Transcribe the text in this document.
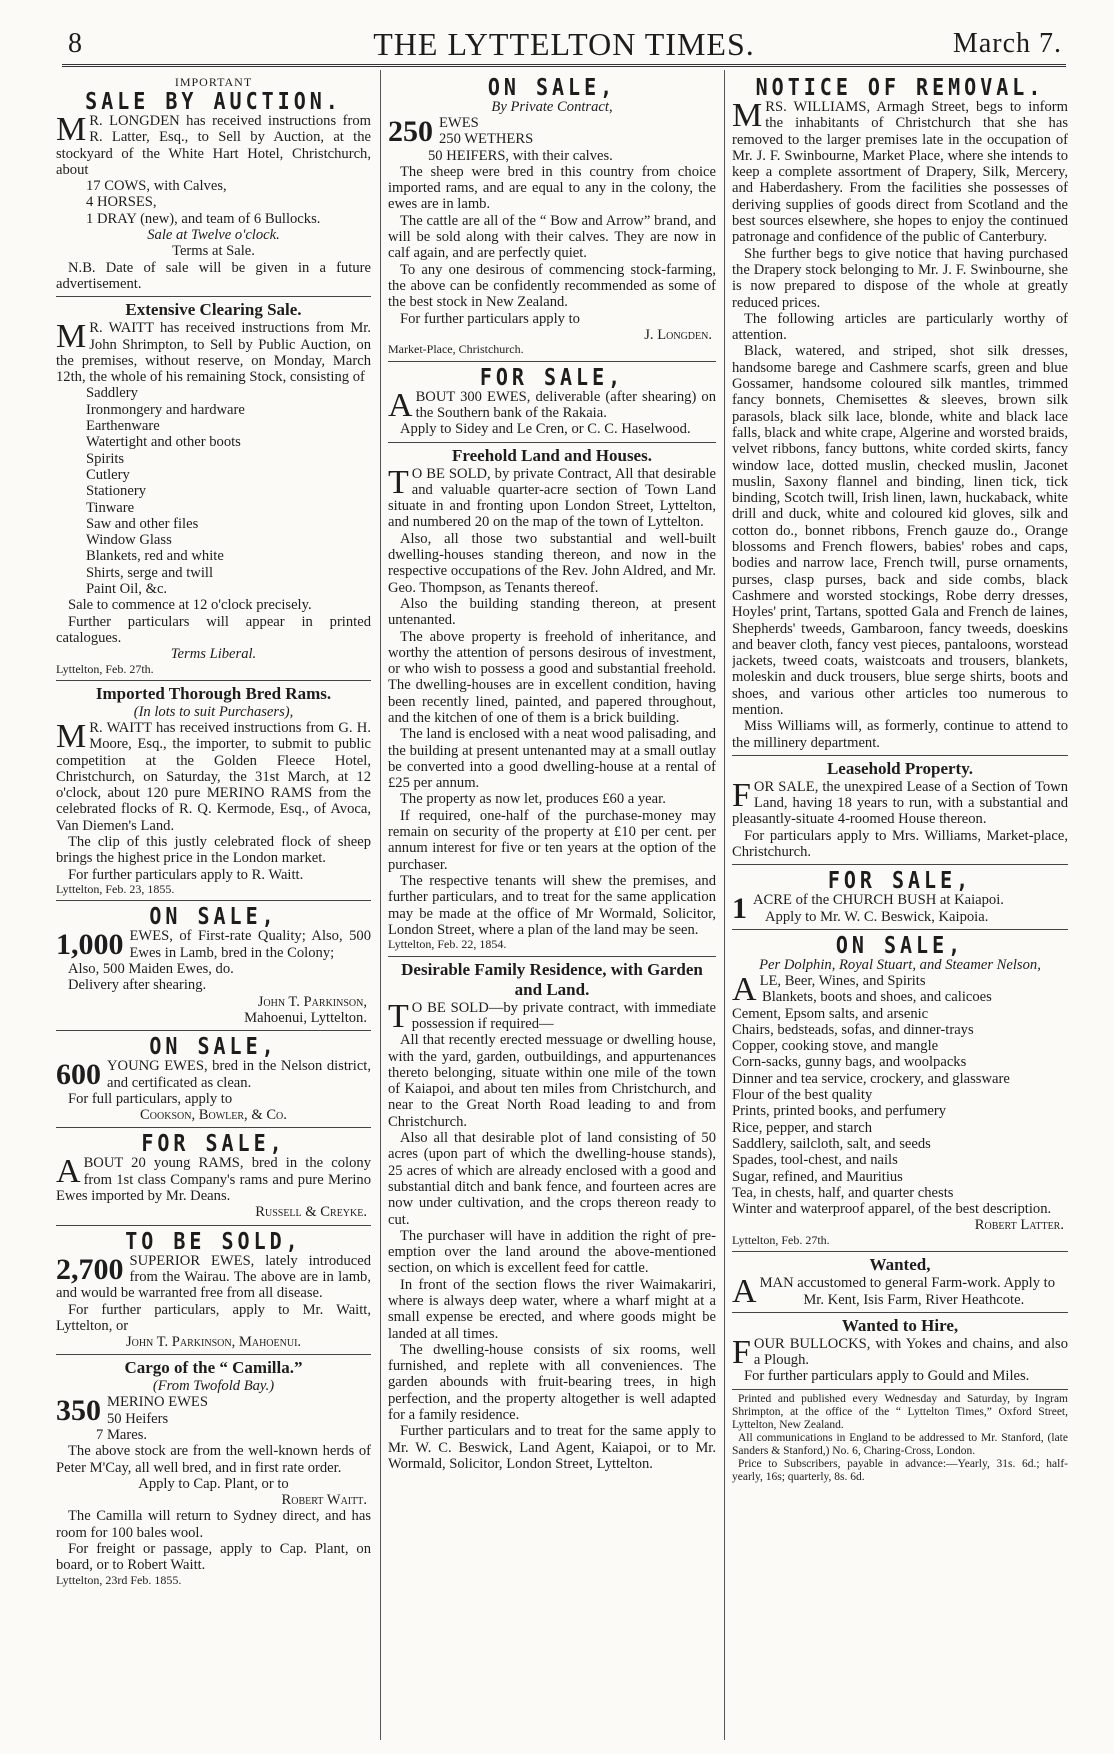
8	THE LYTTELTON TIMES.	March 7.
IMPORTANT
SALE BY AUCTION.

M R. LONGDEN has received instructions from R. Latter, Esq., to Sell by Auction, at the stockyard of the White Hart Hotel, Christchurch, about

17 COWS, with Calves,
4 HORSES,
1 DRAY (new), and team of 6 Bullocks.

Sale at Twelve o'clock.

Terms at Sale.

N.B. Date of sale will be given in a future advertisement.

Extensive Clearing Sale.

M R. WAITT has received instructions from Mr. John Shrimpton, to Sell by Public Auction, on the premises, without reserve, on Monday, March 12th, the whole of his remaining Stock, consisting of

Saddlery
Ironmongery and hardware
Earthenware
Watertight and other boots
Spirits
Cutlery
Stationery
Tinware
Saw and other files
Window Glass
Blankets, red and white
Shirts, serge and twill
Paint Oil, &c.

Sale to commence at 12 o'clock precisely.

Further particulars will appear in printed catalogues.

Terms Liberal.

Lyttelton, Feb. 27th.

Imported Thorough Bred Rams.
(In lots to suit Purchasers),

M R. WAITT has received instructions from G. H. Moore, Esq., the importer, to submit to public competition at the Golden Fleece Hotel, Christchurch, on Saturday, the 31st March, at 12 o'clock, about 120 pure MERINO RAMS from the celebrated flocks of R. Q. Kermode, Esq., of Avoca, Van Diemen's Land.

The clip of this justly celebrated flock of sheep brings the highest price in the London market.

For further particulars apply to R. Waitt.

Lyttelton, Feb. 23, 1855.

ON SALE,

1,000 EWES, of First-rate Quality; Also, 500 Ewes in Lamb, bred in the Colony;

Also, 500 Maiden Ewes, do.

Delivery after shearing.

John T. Parkinson,

Mahoenui, Lyttelton.

ON SALE,

600 YOUNG EWES, bred in the Nelson district, and certificated as clean.

For full particulars, apply to

Cookson, Bowler, & Co.

FOR SALE,

ABOUT 20 young RAMS, bred in the colony from 1st class Company's rams and pure Merino Ewes imported by Mr. Deans.

Russell & Creyke.

TO BE SOLD,

2,700 SUPERIOR EWES, lately introduced from the Wairau. The above are in lamb, and would be warranted free from all disease.

For further particulars, apply to Mr. Waitt, Lyttelton, or

John T. Parkinson, Mahoenui.

Cargo of the “ Camilla.”
(From Twofold Bay.)

350 MERINO EWES

50 Heifers
7 Mares.

The above stock are from the well-known herds of Peter M'Cay, all well bred, and in first rate order.

Apply to Cap. Plant, or to

Robert Waitt.

The Camilla will return to Sydney direct, and has room for 100 bales wool.

For freight or passage, apply to Cap. Plant, on board, or to Robert Waitt.

Lyttelton, 23rd Feb. 1855.

ON SALE,
By Private Contract,

250 EWES

250 WETHERS
50 HEIFERS, with their calves.

The sheep were bred in this country from choice imported rams, and are equal to any in the colony, the ewes are in lamb.

The cattle are all of the “ Bow and Arrow” brand, and will be sold along with their calves. They are now in calf again, and are perfectly quiet.

To any one desirous of commencing stock-farming, the above can be confidently recommended as some of the best stock in New Zealand.

For further particulars apply to

J. Longden.

Market-Place, Christchurch.

FOR SALE,

ABOUT 300 EWES, deliverable (after shearing) on the Southern bank of the Rakaia.

Apply to Sidey and Le Cren, or C. C. Haselwood.

Freehold Land and Houses.

T O BE SOLD, by private Contract, All that desirable and valuable quarter-acre section of Town Land situate in and fronting upon London Street, Lyttelton, and numbered 20 on the map of the town of Lyttelton.

Also, all those two substantial and well-built dwelling-houses standing thereon, and now in the respective occupations of the Rev. John Aldred, and Mr. Geo. Thompson, as Tenants thereof.

Also the building standing thereon, at present untenanted.

The above property is freehold of inheritance, and worthy the attention of persons desirous of investment, or who wish to possess a good and substantial freehold. The dwelling-houses are in excellent condition, having been recently lined, painted, and papered throughout, and the kitchen of one of them is a brick building.

The land is enclosed with a neat wood palisading, and the building at present untenanted may at a small outlay be converted into a good dwelling-house at a rental of £25 per annum.

The property as now let, produces £60 a year.

If required, one-half of the purchase-money may remain on security of the property at £10 per cent. per annum interest for five or ten years at the option of the purchaser.

The respective tenants will shew the premises, and further particulars, and to treat for the same application may be made at the office of Mr Wormald, Solicitor, London Street, where a plan of the land may be seen.

Lyttelton, Feb. 22, 1854.

Desirable Family Residence, with Garden and Land.

T O BE SOLD—by private contract, with immediate possession if required—

All that recently erected messuage or dwelling house, with the yard, garden, outbuildings, and appurtenances thereto belonging, situate within one mile of the town of Kaiapoi, and about ten miles from Christchurch, and near to the Great North Road leading to and from Christchurch.

Also all that desirable plot of land consisting of 50 acres (upon part of which the dwelling-house stands), 25 acres of which are already enclosed with a good and substantial ditch and bank fence, and fourteen acres are now under cultivation, and the crops thereon ready to cut.

The purchaser will have in addition the right of pre-emption over the land around the above-mentioned section, on which is excellent feed for cattle.

In front of the section flows the river Waimakariri, where is always deep water, where a wharf might at a small expense be erected, and where goods might be landed at all times.

The dwelling-house consists of six rooms, well furnished, and replete with all conveniences. The garden abounds with fruit-bearing trees, in high perfection, and the property altogether is well adapted for a family residence.

Further particulars and to treat for the same apply to Mr. W. C. Beswick, Land Agent, Kaiapoi, or to Mr. Wormald, Solicitor, London Street, Lyttelton.

NOTICE OF REMOVAL.

MRS. WILLIAMS, Armagh Street, begs to inform the inhabitants of Christchurch that she has removed to the larger premises late in the occupation of Mr. J. F. Swinbourne, Market Place, where she intends to keep a complete assortment of Drapery, Silk, Mercery, and Haberdashery. From the facilities she possesses of deriving supplies of goods direct from Scotland and the best sources elsewhere, she hopes to enjoy the continued patronage and confidence of the public of Canterbury.

She further begs to give notice that having purchased the Drapery stock belonging to Mr. J. F. Swinbourne, she is now prepared to dispose of the whole at greatly reduced prices.

The following articles are particularly worthy of attention.

Black, watered, and striped, shot silk dresses, handsome barege and Cashmere scarfs, green and blue Gossamer, handsome coloured silk mantles, trimmed fancy bonnets, Chemisettes & sleeves, brown silk parasols, black silk lace, blonde, white and black lace falls, black and white crape, Algerine and worsted braids, velvet ribbons, fancy buttons, white corded skirts, fancy window lace, dotted muslin, checked muslin, Jaconet muslin, Saxony flannel and binding, linen tick, tick binding, Scotch twill, Irish linen, lawn, huckaback, white drill and duck, white and coloured kid gloves, silk and cotton do., bonnet ribbons, French gauze do., Orange blossoms and French flowers, babies' robes and caps, bodies and narrow lace, French twill, purse ornaments, purses, clasp purses, back and side combs, black Cashmere and worsted stockings, Robe derry dresses, Hoyles' print, Tartans, spotted Gala and French de laines, Shepherds' tweeds, Gambaroon, fancy tweeds, doeskins and beaver cloth, fancy vest pieces, pantaloons, worstead jackets, tweed coats, waistcoats and trousers, blankets, moleskin and duck trousers, blue serge shirts, boots and shoes, and various other articles too numerous to mention.

Miss Williams will, as formerly, continue to attend to the millinery department.

Leasehold Property.

FOR SALE, the unexpired Lease of a Section of Town Land, having 18 years to run, with a substantial and pleasantly-situate 4-roomed House thereon.

For particulars apply to Mrs. Williams, Market-place, Christchurch.

FOR SALE,

1 ACRE of the CHURCH BUSH at Kaiapoi.

Apply to Mr. W. C. Beswick, Kaipoia.

ON SALE,
Per Dolphin, Royal Stuart, and Steamer Nelson,

ALE, Beer, Wines, and Spirits

Blankets, boots and shoes, and calicoes

Cement, Epsom salts, and arsenic

Chairs, bedsteads, sofas, and dinner-trays

Copper, cooking stove, and mangle

Corn-sacks, gunny bags, and woolpacks

Dinner and tea service, crockery, and glassware

Flour of the best quality

Prints, printed books, and perfumery

Rice, pepper, and starch

Saddlery, sailcloth, salt, and seeds

Spades, tool-chest, and nails

Sugar, refined, and Mauritius

Tea, in chests, half, and quarter chests

Winter and waterproof apparel, of the best description.

Robert Latter.

Lyttelton, Feb. 27th.

Wanted,

AMAN accustomed to general Farm-work. Apply to

Mr. Kent, Isis Farm, River Heathcote.

Wanted to Hire,

FOUR BULLOCKS, with Yokes and chains, and also a Plough.

For further particulars apply to Gould and Miles.

Printed and published every Wednesday and Saturday, by Ingram Shrimpton, at the office of the “ Lyttelton Times,” Oxford Street, Lyttelton, New Zealand.

All communications in England to be addressed to Mr. Stanford, (late Sanders & Stanford,) No. 6, Charing-Cross, London.

Price to Subscribers, payable in advance:—Yearly, 31s. 6d.; half-yearly, 16s; quarterly, 8s. 6d.
